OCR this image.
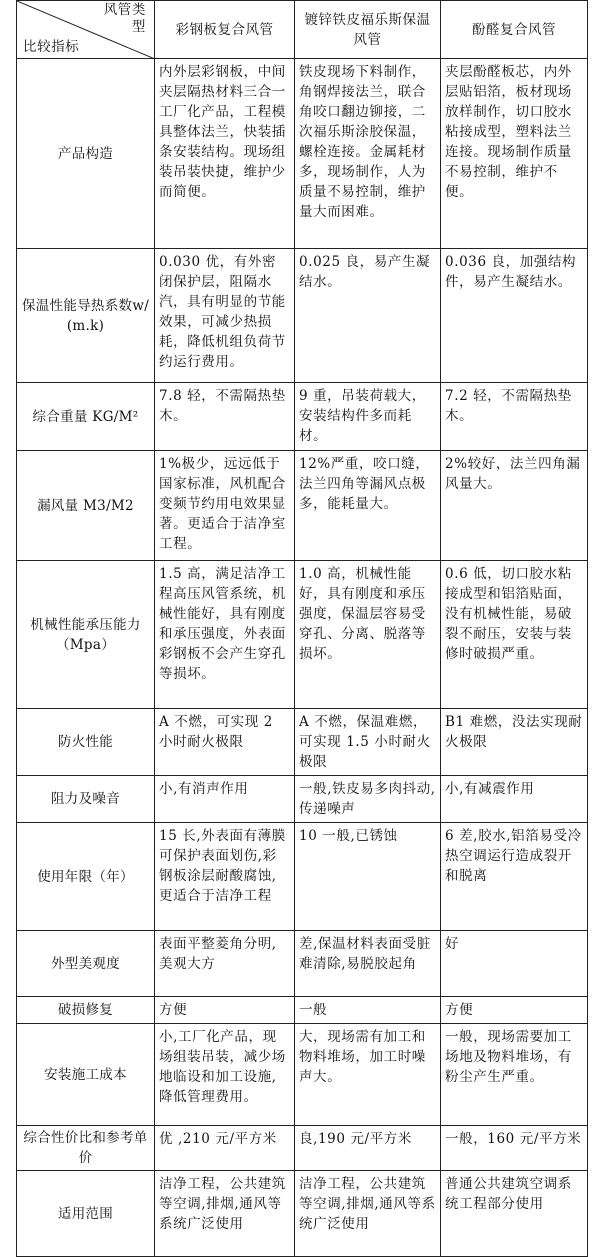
风管类
型
比较指标	彩钢板复合风管	镀锌铁皮福乐斯保温风管	酚醛复合风管
产品构造	内外层彩钢板，中间夹层隔热材料三合一工厂化产品，工程模具整体法兰，快装插条安装结构。现场组装吊装快捷，维护少而简便。	铁皮现场下料制作，角钢焊接法兰，联合角咬口翻边铆接，二次福乐斯涂胶保温，螺栓连接。金属耗材多，现场制作，人为质量不易控制，维护量大而困难。	夹层酚醛板芯，内外层贴铝箔，板材现场放样制作，切口胶水粘接成型，塑料法兰连接。现场制作质量不易控制，维护不便。
保温性能导热系数w/(m.k)	0.030 优，有外密闭保护层，阻隔水汽，具有明显的节能效果，可减少热损耗，降低机组负荷节约运行费用。	0.025 良，易产生凝结水。	0.036 良，加强结构件，易产生凝结水。
综合重量 KG/M²	7.8 轻，不需隔热垫木。	9 重，吊装荷载大，安装结构件多而耗材。	7.2 轻，不需隔热垫木。
漏风量 M3/M2	1%极少，远远低于国家标准，风机配合变频节约用电效果显著。更适合于洁净室工程。	12%严重，咬口缝，法兰四角等漏风点极多，能耗量大。	2%较好，法兰四角漏风量大。
机械性能承压能力（Mpa）	1.5 高，满足洁净工程高压风管系统，机械性能好，具有刚度和承压强度，外表面彩钢板不会产生穿孔等损坏。	1.0 高，机械性能好，具有刚度和承压强度，保温层容易受穿孔、分离、脱落等损坏。	0.6 低，切口胶水粘接成型和铝箔贴面，没有机械性能，易破裂不耐压，安装与装修时破损严重。
防火性能	A 不燃，可实现 2 小时耐火极限	A 不燃，保温难燃，可实现 1.5 小时耐火极限	B1 难燃，没法实现耐火极限
阻力及噪音	小,有消声作用	一般,铁皮易多肉抖动,传递噪声	小,有减震作用
使用年限（年）	15 长,外表面有薄膜可保护表面划伤,彩钢板涂层耐酸腐蚀,更适合于洁净工程	10 一般,已锈蚀	6 差,胶水,铝箔易受冷热空调运行造成裂开和脱离
外型美观度	表面平整菱角分明,美观大方	差,保温材料表面受脏难清除,易脱胶起角	好
破损修复	方便	一般	方便
安装施工成本	小,工厂化产品，现场组装吊装，减少场地临设和加工设施,降低管理费用。	大，现场需有加工和物料堆场，加工时噪声大。	一般，现场需要加工场地及物料堆场，有粉尘产生严重。
综合性价比和参考单价	优 ,210 元/平方米	良,190 元/平方米	一般，160 元/平方米
适用范围	洁净工程，公共建筑等空调,排烟,通风等系统广泛使用	洁净工程，公共建筑等空调,排烟,通风等系统广泛使用	普通公共建筑空调系统工程部分使用
